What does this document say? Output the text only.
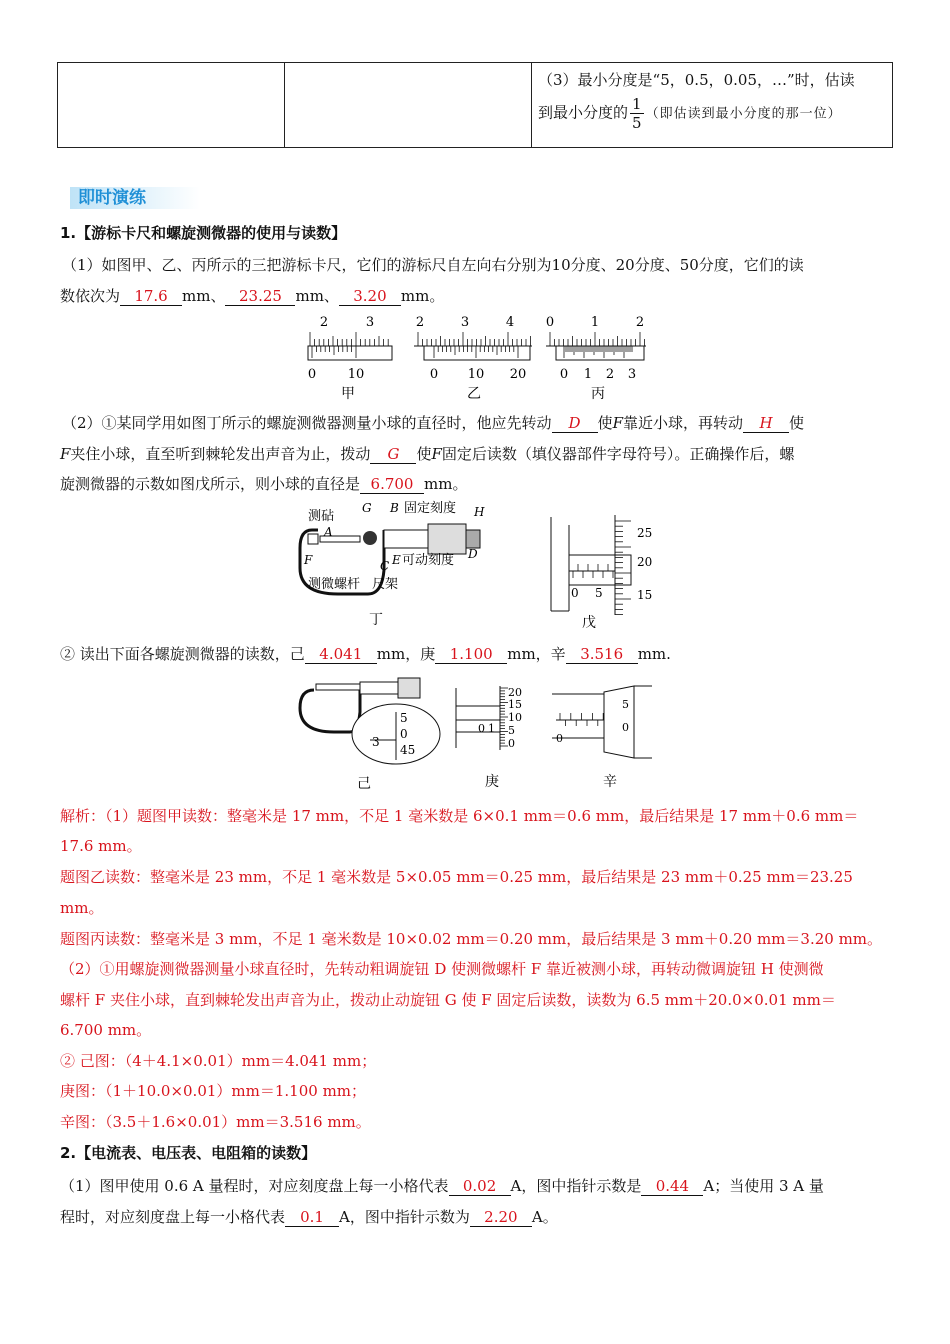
（3）最小分度是“5，0.5，0.05，…”时，估读
到最小分度的 $\frac{1}{5}$ （即估读到最小分度的那一位）
即时演练
1.【游标卡尺和螺旋测微器的使用与读数】
（1）如图甲、乙、丙所示的三把游标卡尺，它们的游标尺自左向右分别为10分度、20分度、50分度，它们的读
数依次为 17.6 mm、 23.25 mm、 3.20 mm。
2	3
0 10
甲
2	3	4
0 10 20
乙
0	1	2
0 1 2 3
丙
（2）①某同学用如图丁所示的螺旋测微器测量小球的直径时，他应先转动 D 使F靠近小球，再转动 H 使
F夹住小球，直至听到棘轮发出声音为止，拨动 G 使F固定后读数（填仪器部件字母符号）。正确操作后，螺
旋测微器的示数如图戊所示，则小球的直径是 6.700 mm。
测砧
A
G B 固定刻度 H
F	C E 可动刻度 D
测微螺杆 尺架
丁
0 5
25
20
15
戊
② 读出下面各螺旋测微器的读数，己 4.041 mm，庚 1.100 mm，辛 3.516 mm.
3
5
0
45
己
0 1
20
15
10
5
0
庚
0
5
0
辛
解析：（1）题图甲读数：整毫米是 17 mm，不足 1 毫米数是 6×0.1 mm＝0.6 mm，最后结果是 17 mm＋0.6 mm＝
17.6 mm。
题图乙读数：整毫米是 23 mm，不足 1 毫米数是 5×0.05 mm＝0.25 mm，最后结果是 23 mm＋0.25 mm＝23.25
mm。
题图丙读数：整毫米是 3 mm，不足 1 毫米数是 10×0.02 mm＝0.20 mm，最后结果是 3 mm＋0.20 mm＝3.20 mm。
（2）①用螺旋测微器测量小球直径时，先转动粗调旋钮 D 使测微螺杆 F 靠近被测小球，再转动微调旋钮 H 使测微
螺杆 F 夹住小球，直到棘轮发出声音为止，拨动止动旋钮 G 使 F 固定后读数，读数为 6.5 mm＋20.0×0.01 mm＝
6.700 mm。
② 己图：（4＋4.1×0.01）mm＝4.041 mm；
庚图：（1＋10.0×0.01）mm＝1.100 mm；
辛图：（3.5＋1.6×0.01）mm＝3.516 mm。
2.【电流表、电压表、电阻箱的读数】
（1）图甲使用 0.6 A 量程时，对应刻度盘上每一小格代表 0.02 A，图中指针示数是 0.44 A；当使用 3 A 量
程时，对应刻度盘上每一小格代表 0.1 A，图中指针示数为 2.20 A。
